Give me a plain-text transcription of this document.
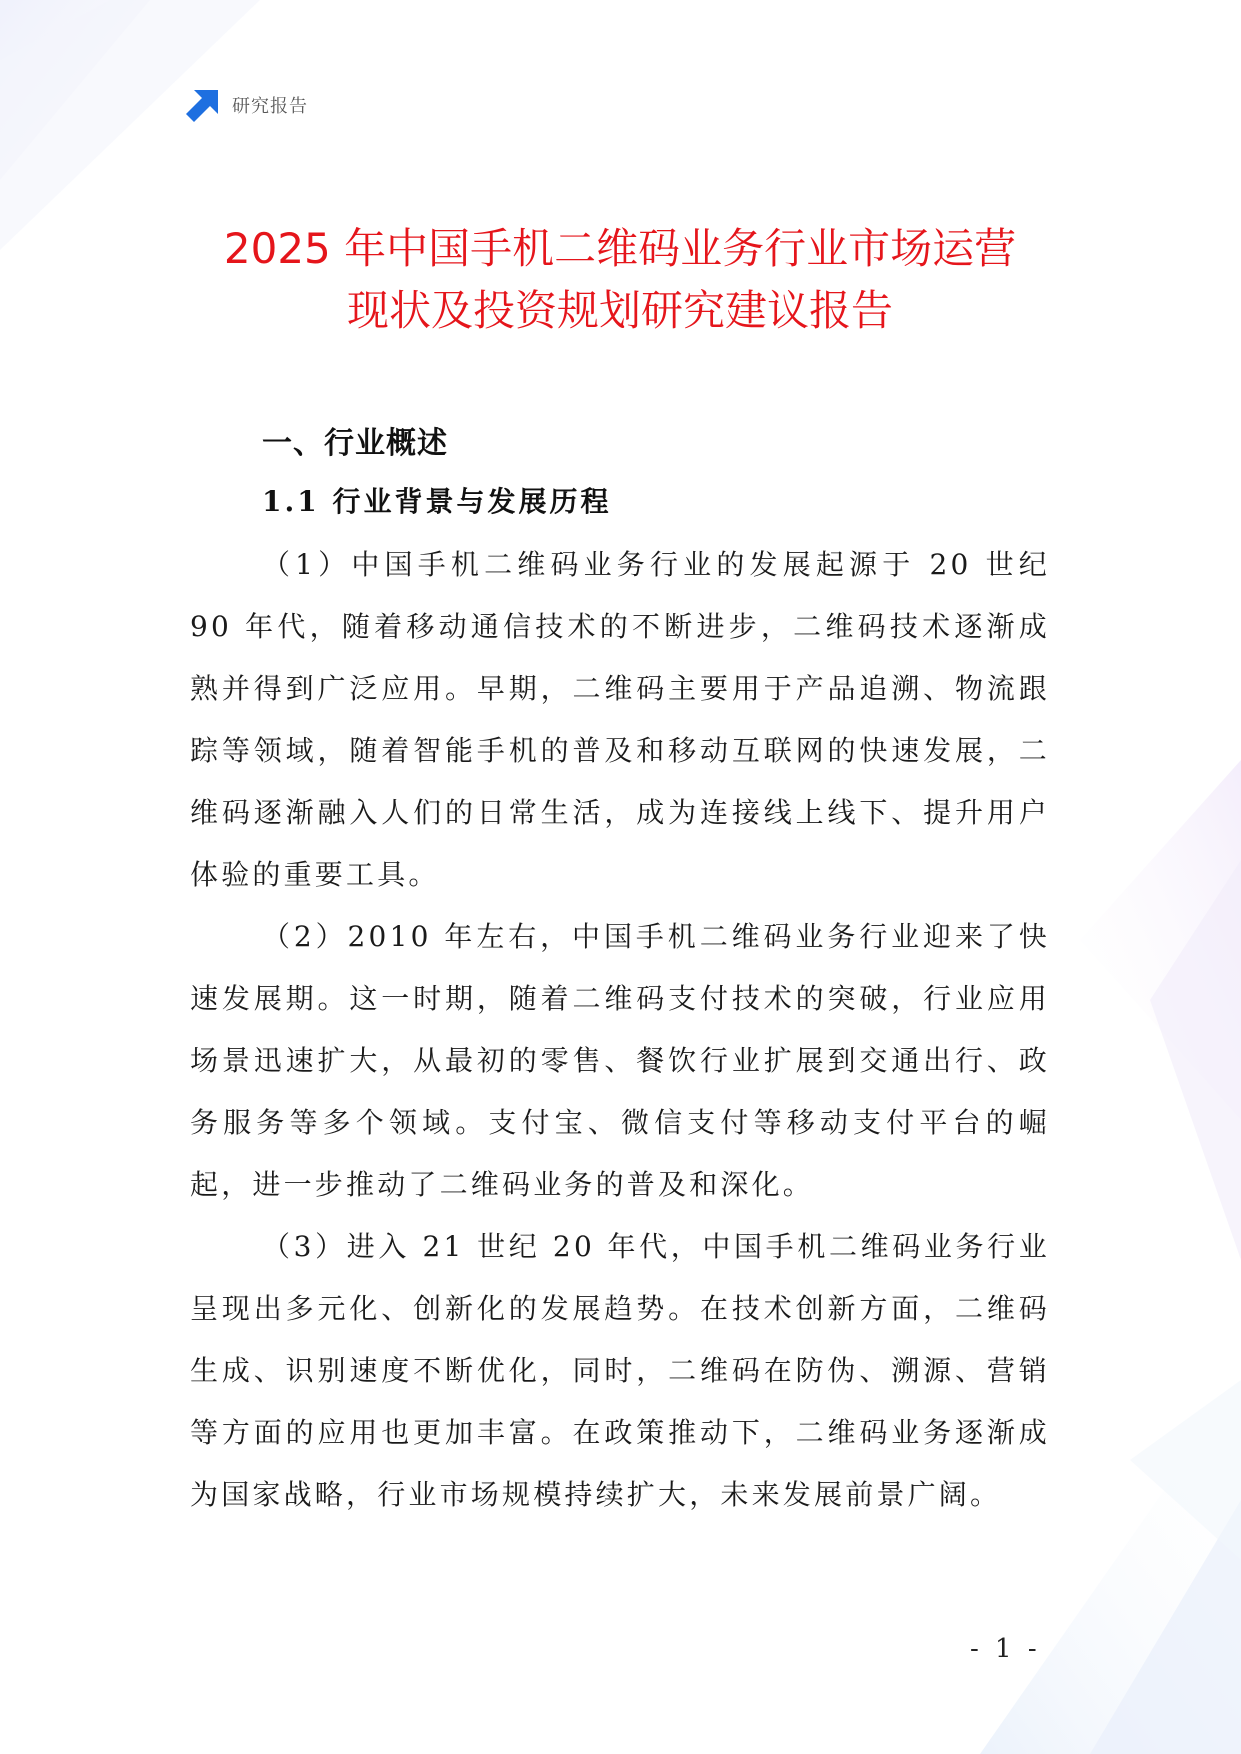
研究报告
2025 年中国手机二维码业务行业市场运营
现状及投资规划研究建议报告
一、行业概述
1.1 行业背景与发展历程

（1）中国手机二维码业务行业的发展起源于 20 世纪 90 年代，随着移动通信技术的不断进步，二维码技术逐渐成熟并得到广泛应用。早期，二维码主要用于产品追溯、物流跟踪等领域，随着智能手机的普及和移动互联网的快速发展，二维码逐渐融入人们的日常生活，成为连接线上线下、提升用户体验的重要工具。

（2）2010 年左右，中国手机二维码业务行业迎来了快速发展期。这一时期，随着二维码支付技术的突破，行业应用场景迅速扩大，从最初的零售、餐饮行业扩展到交通出行、政务服务等多个领域。支付宝、微信支付等移动支付平台的崛起，进一步推动了二维码业务的普及和深化。

（3）进入 21 世纪 20 年代，中国手机二维码业务行业呈现出多元化、创新化的发展趋势。在技术创新方面，二维码生成、识别速度不断优化，同时，二维码在防伪、溯源、营销等方面的应用也更加丰富。在政策推动下，二维码业务逐渐成为国家战略，行业市场规模持续扩大，未来发展前景广阔。

- 1 -
